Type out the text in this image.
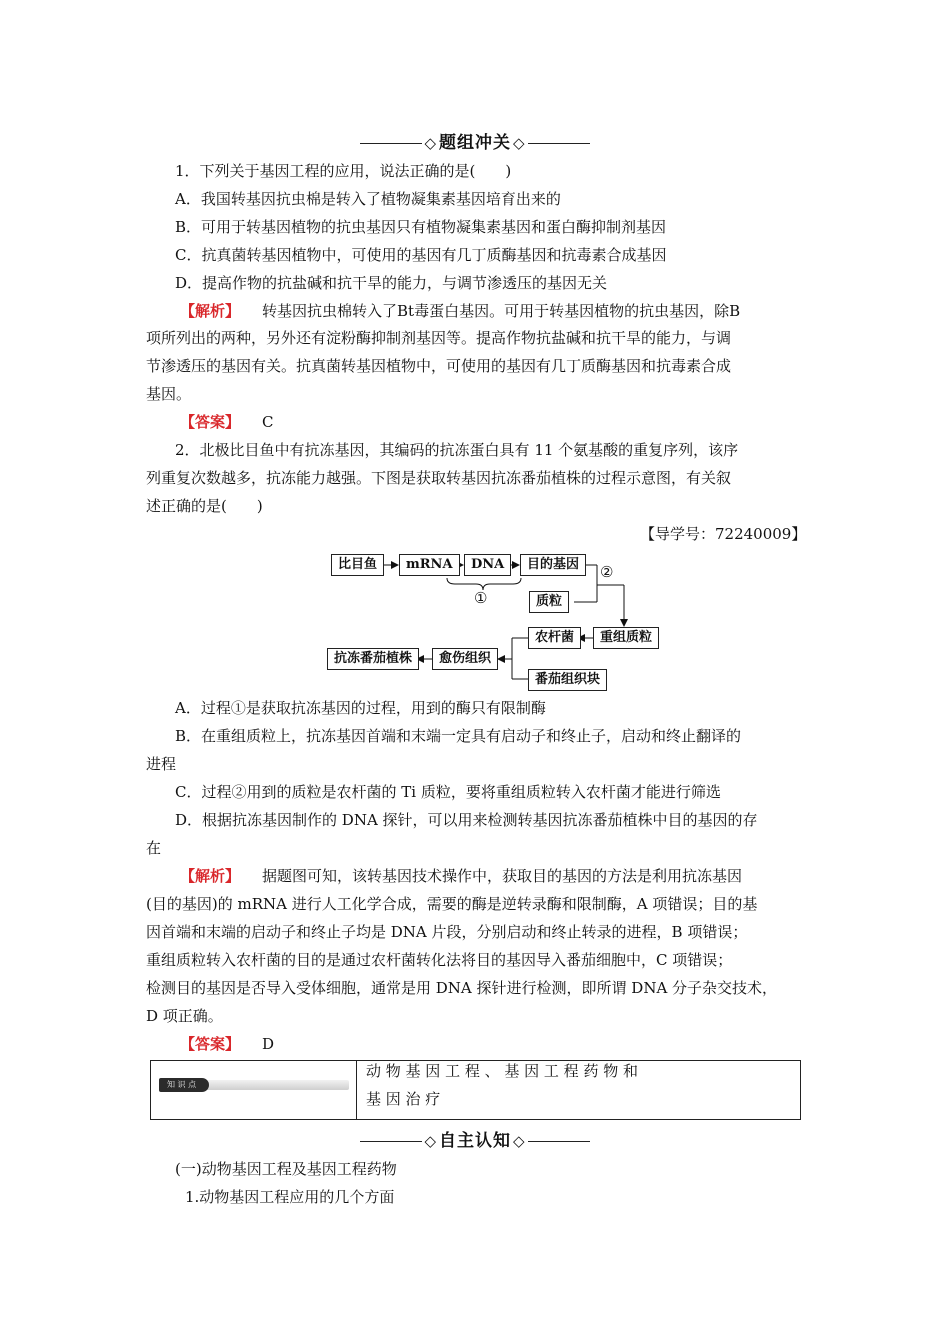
◇ 题组冲关 ◇
1．下列关于基因工程的应用，说法正确的是(　　)
A．我国转基因抗虫棉是转入了植物凝集素基因培育出来的
B．可用于转基因植物的抗虫基因只有植物凝集素基因和蛋白酶抑制剂基因
C．抗真菌转基因植物中，可使用的基因有几丁质酶基因和抗毒素合成基因
D．提高作物的抗盐碱和抗干旱的能力，与调节渗透压的基因无关
【解析】 转基因抗虫棉转入了Bt毒蛋白基因。可用于转基因植物的抗虫基因，除B
项所列出的两种，另外还有淀粉酶抑制剂基因等。提高作物抗盐碱和抗干旱的能力，与调
节渗透压的基因有关。抗真菌转基因植物中，可使用的基因有几丁质酶基因和抗毒素合成
基因。
【答案】 C
2．北极比目鱼中有抗冻基因，其编码的抗冻蛋白具有 11 个氨基酸的重复序列，该序
列重复次数越多，抗冻能力越强。下图是获取转基因抗冻番茄植株的过程示意图，有关叙
述正确的是(　　)
【导学号：72240009】
比目鱼	mRNA	DNA	目的基因	②
①	质粒
农杆菌	重组质粒
抗冻番茄植株	愈伤组织
番茄组织块
A．过程①是获取抗冻基因的过程，用到的酶只有限制酶
B．在重组质粒上，抗冻基因首端和末端一定具有启动子和终止子，启动和终止翻译的
进程
C．过程②用到的质粒是农杆菌的 Ti 质粒，要将重组质粒转入农杆菌才能进行筛选
D．根据抗冻基因制作的 DNA 探针，可以用来检测转基因抗冻番茄植株中目的基因的存
在
【解析】 据题图可知，该转基因技术操作中，获取目的基因的方法是利用抗冻基因
(目的基因)的 mRNA 进行人工化学合成，需要的酶是逆转录酶和限制酶，A 项错误；目的基
因首端和末端的启动子和终止子均是 DNA 片段，分别启动和终止转录的进程，B 项错误；
重组质粒转入农杆菌的目的是通过农杆菌转化法将目的基因导入番茄细胞中，C 项错误；
检测目的基因是否导入受体细胞，通常是用 DNA 探针进行检测，即所谓 DNA 分子杂交技术，
D 项正确。
【答案】 D
知 识 点
动 物 基 因 工 程 、 基 因 工 程 药 物 和
基 因 治 疗
◇ 自主认知 ◇
(一)动物基因工程及基因工程药物
1.动物基因工程应用的几个方面
